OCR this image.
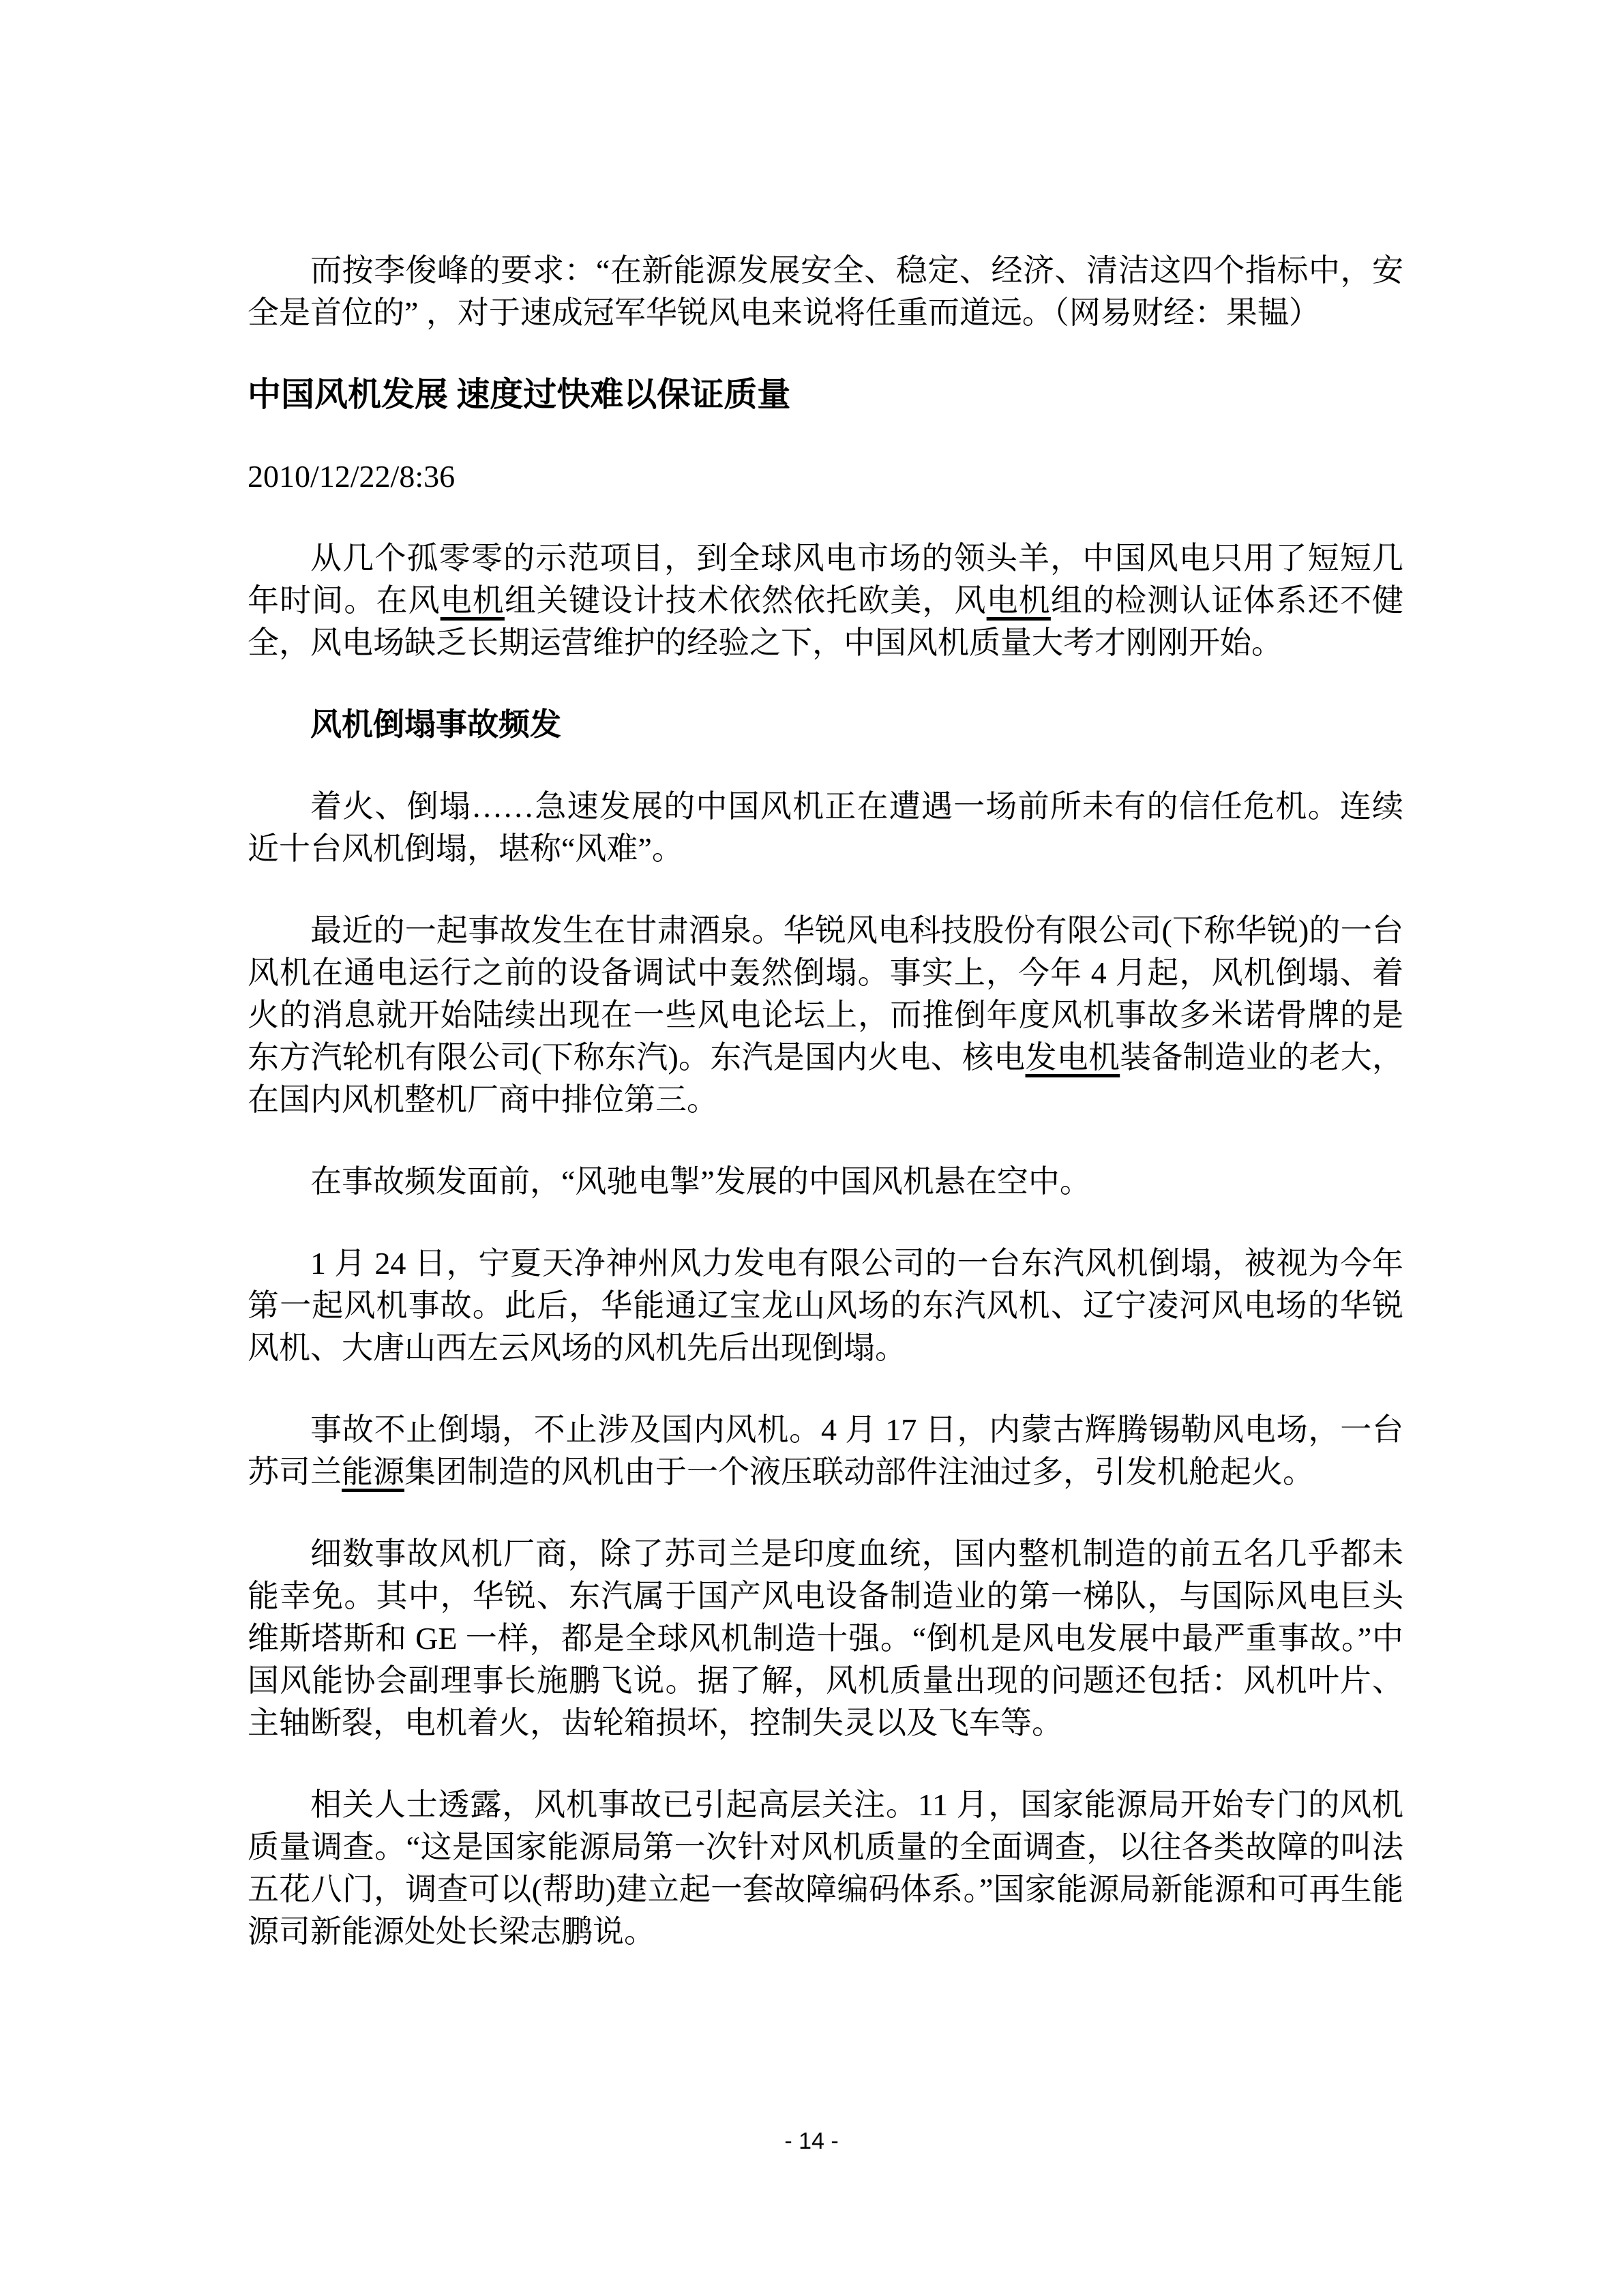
而按李俊峰的要求：“在新能源发展安全、稳定、经济、清洁这四个指标中，安全是首位的” ，对于速成冠军华锐风电来说将任重而道远。（网易财经：果韫）

中国风机发展 速度过快难以保证质量

2010/12/22/8:36

从几个孤零零的示范项目，到全球风电市场的领头羊，中国风电只用了短短几年时间。在风电机组关键设计技术依然依托欧美，风电机组的检测认证体系还不健全，风电场缺乏长期运营维护的经验之下，中国风机质量大考才刚刚开始。

风机倒塌事故频发

着火、倒塌……急速发展的中国风机正在遭遇一场前所未有的信任危机。连续近十台风机倒塌，堪称“风难”。

最近的一起事故发生在甘肃酒泉。华锐风电科技股份有限公司(下称华锐)的一台风机在通电运行之前的设备调试中轰然倒塌。事实上，今年 4 月起，风机倒塌、着火的消息就开始陆续出现在一些风电论坛上，而推倒年度风机事故多米诺骨牌的是东方汽轮机有限公司(下称东汽)。东汽是国内火电、核电发电机装备制造业的老大，在国内风机整机厂商中排位第三。

在事故频发面前，“风驰电掣”发展的中国风机悬在空中。

1 月 24 日，宁夏天净神州风力发电有限公司的一台东汽风机倒塌，被视为今年第一起风机事故。此后，华能通辽宝龙山风场的东汽风机、辽宁凌河风电场的华锐风机、大唐山西左云风场的风机先后出现倒塌。

事故不止倒塌，不止涉及国内风机。4 月 17 日，内蒙古辉腾锡勒风电场，一台苏司兰能源集团制造的风机由于一个液压联动部件注油过多，引发机舱起火。

细数事故风机厂商，除了苏司兰是印度血统，国内整机制造的前五名几乎都未能幸免。其中，华锐、东汽属于国产风电设备制造业的第一梯队，与国际风电巨头维斯塔斯和 GE 一样，都是全球风机制造十强。“倒机是风电发展中最严重事故。”中国风能协会副理事长施鹏飞说。据了解，风机质量出现的问题还包括：风机叶片、主轴断裂，电机着火，齿轮箱损坏，控制失灵以及飞车等。

相关人士透露，风机事故已引起高层关注。11 月，国家能源局开始专门的风机质量调查。“这是国家能源局第一次针对风机质量的全面调查，以往各类故障的叫法五花八门，调查可以(帮助)建立起一套故障编码体系。”国家能源局新能源和可再生能源司新能源处处长梁志鹏说。

- 14 -
